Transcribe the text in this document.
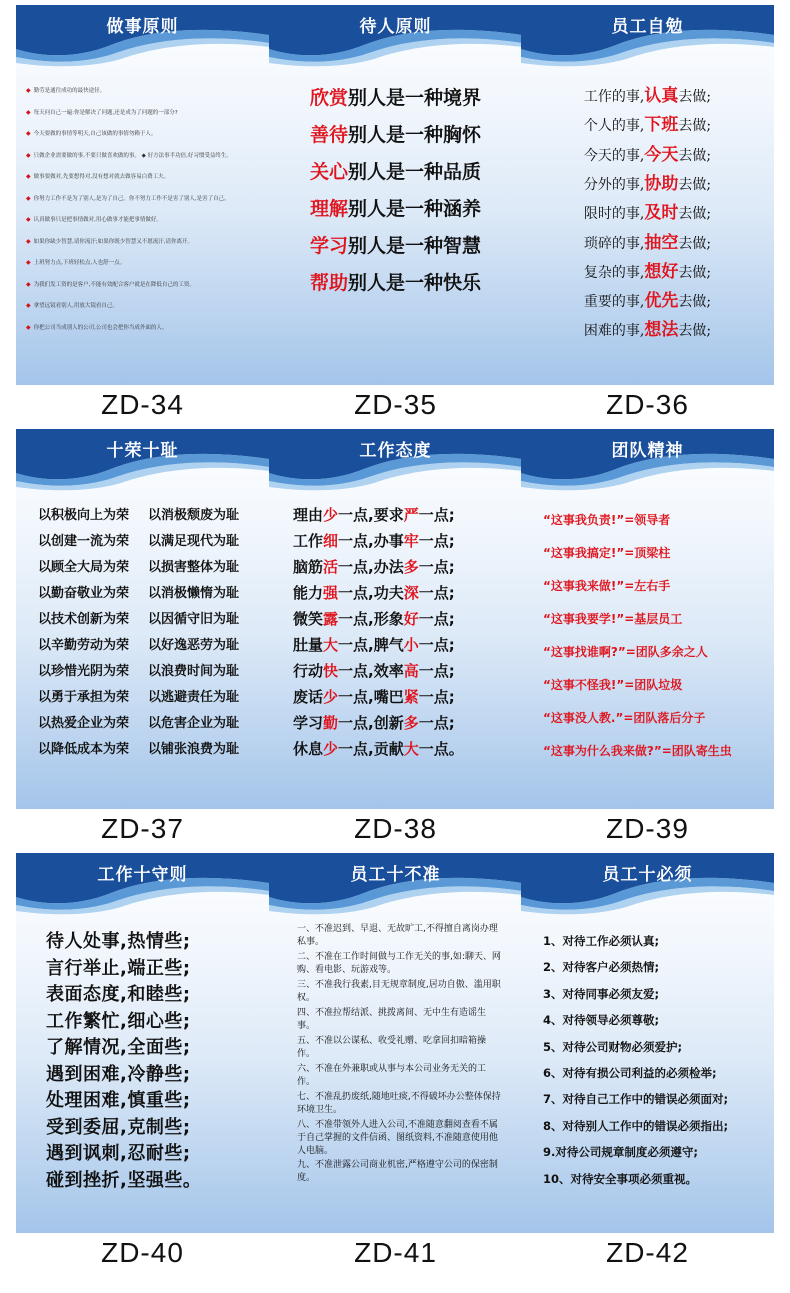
做事原则
◆ 勤劳是通往成功的最快途径。
◆ 每天问自己一遍:你是解决了问题,还是成为了问题的一部分?
◆ 今天要做的事情等明天,自己该做的事情勿赖于人。
◆ 只做企业需要做的事,不要只做喜欢做的事。 ◆ 好方法事半功倍,好习惯受益终生。
◆ 做事要做对,先要想得对,没有想对就去做容易白费工夫。
◆ 你努力工作不是为了别人,是为了自己。你不努力工作不是害了别人,是害了自己。
◆ 认真做事只是把事情做对,用心做事才能把事情做好。
◆ 如果你缺少智慧,请你流汗;如果你既少智慧又不愿流汗,请你离开。
◆ 上班努力点,下班轻松点,人也舒一点。
◆ 为我们发工资的是客户,不能有效配合客户就是在降低自己的工资。
◆ 拿望远镜看别人,用放大镜看自己。
◆ 你把公司当成别人的公司,公司也会把你当成外面的人。
ZD-34
待人原则
欣赏别人是一种境界
善待别人是一种胸怀
关心别人是一种品质
理解别人是一种涵养
学习别人是一种智慧
帮助别人是一种快乐
ZD-35
员工自勉
工作的事,认真去做;
个人的事,下班去做;
今天的事,今天去做;
分外的事,协助去做;
限时的事,及时去做;
琐碎的事,抽空去做;
复杂的事,想好去做;
重要的事,优先去做;
困难的事,想法去做;
ZD-36
十荣十耻
以积极向上为荣 以消极颓废为耻
以创建一流为荣 以满足现代为耻
以顾全大局为荣 以损害整体为耻
以勤奋敬业为荣 以消极懒惰为耻
以技术创新为荣 以因循守旧为耻
以辛勤劳动为荣 以好逸恶劳为耻
以珍惜光阴为荣 以浪费时间为耻
以勇于承担为荣 以逃避责任为耻
以热爱企业为荣 以危害企业为耻
以降低成本为荣 以铺张浪费为耻
ZD-37
工作态度
理由少一点,要求严一点;
工作细一点,办事牢一点;
脑筋活一点,办法多一点;
能力强一点,功夫深一点;
微笑露一点,形象好一点;
肚量大一点,脾气小一点;
行动快一点,效率高一点;
废话少一点,嘴巴紧一点;
学习勤一点,创新多一点;
休息少一点,贡献大一点。
ZD-38
团队精神
“这事我负责!”=领导者
“这事我搞定!”=顶梁柱
“这事我来做!”=左右手
“这事我要学!”=基层员工
“这事找谁啊?”=团队多余之人
“这事不怪我!”=团队垃圾
“这事没人教.”=团队落后分子
“这事为什么我来做?”=团队寄生虫
ZD-39
工作十守则
待人处事,热情些;
言行举止,端正些;
表面态度,和睦些;
工作繁忙,细心些;
了解情况,全面些;
遇到困难,冷静些;
处理困难,慎重些;
受到委屈,克制些;
遇到讽刺,忍耐些;
碰到挫折,坚强些。
ZD-40
员工十不准
一、不准迟到、早退、无故旷工,不得擅自离岗办理私事。
二、不准在工作时间做与工作无关的事,如:聊天、网购、看电影、玩游戏等。
三、不准我行我素,目无规章制度,居功自傲、滥用职权。
四、不准拉帮结派、挑拨离间、无中生有造谣生事。
五、不准以公谋私、收受礼赠、吃拿回扣暗箱操作。
六、不准在外兼职或从事与本公司业务无关的工作。
七、不准乱扔废纸,随地吐痰,不得破坏办公整体保持环境卫生。
八、不准带领外人进入公司,不准随意翻阅查看不属于自己掌握的文件信函、图纸资料,不准随意使用他人电脑。
九、不准泄露公司商业机密,严格遵守公司的保密制度。
ZD-41
员工十必须
1、对待工作必须认真;
2、对待客户必须热情;
3、对待同事必须友爱;
4、对待领导必须尊敬;
5、对待公司财物必须爱护;
6、对待有损公司利益的必须检举;
7、对待自己工作中的错误必须面对;
8、对待别人工作中的错误必须指出;
9.对待公司规章制度必须遵守;
10、对待安全事项必须重视。
ZD-42
